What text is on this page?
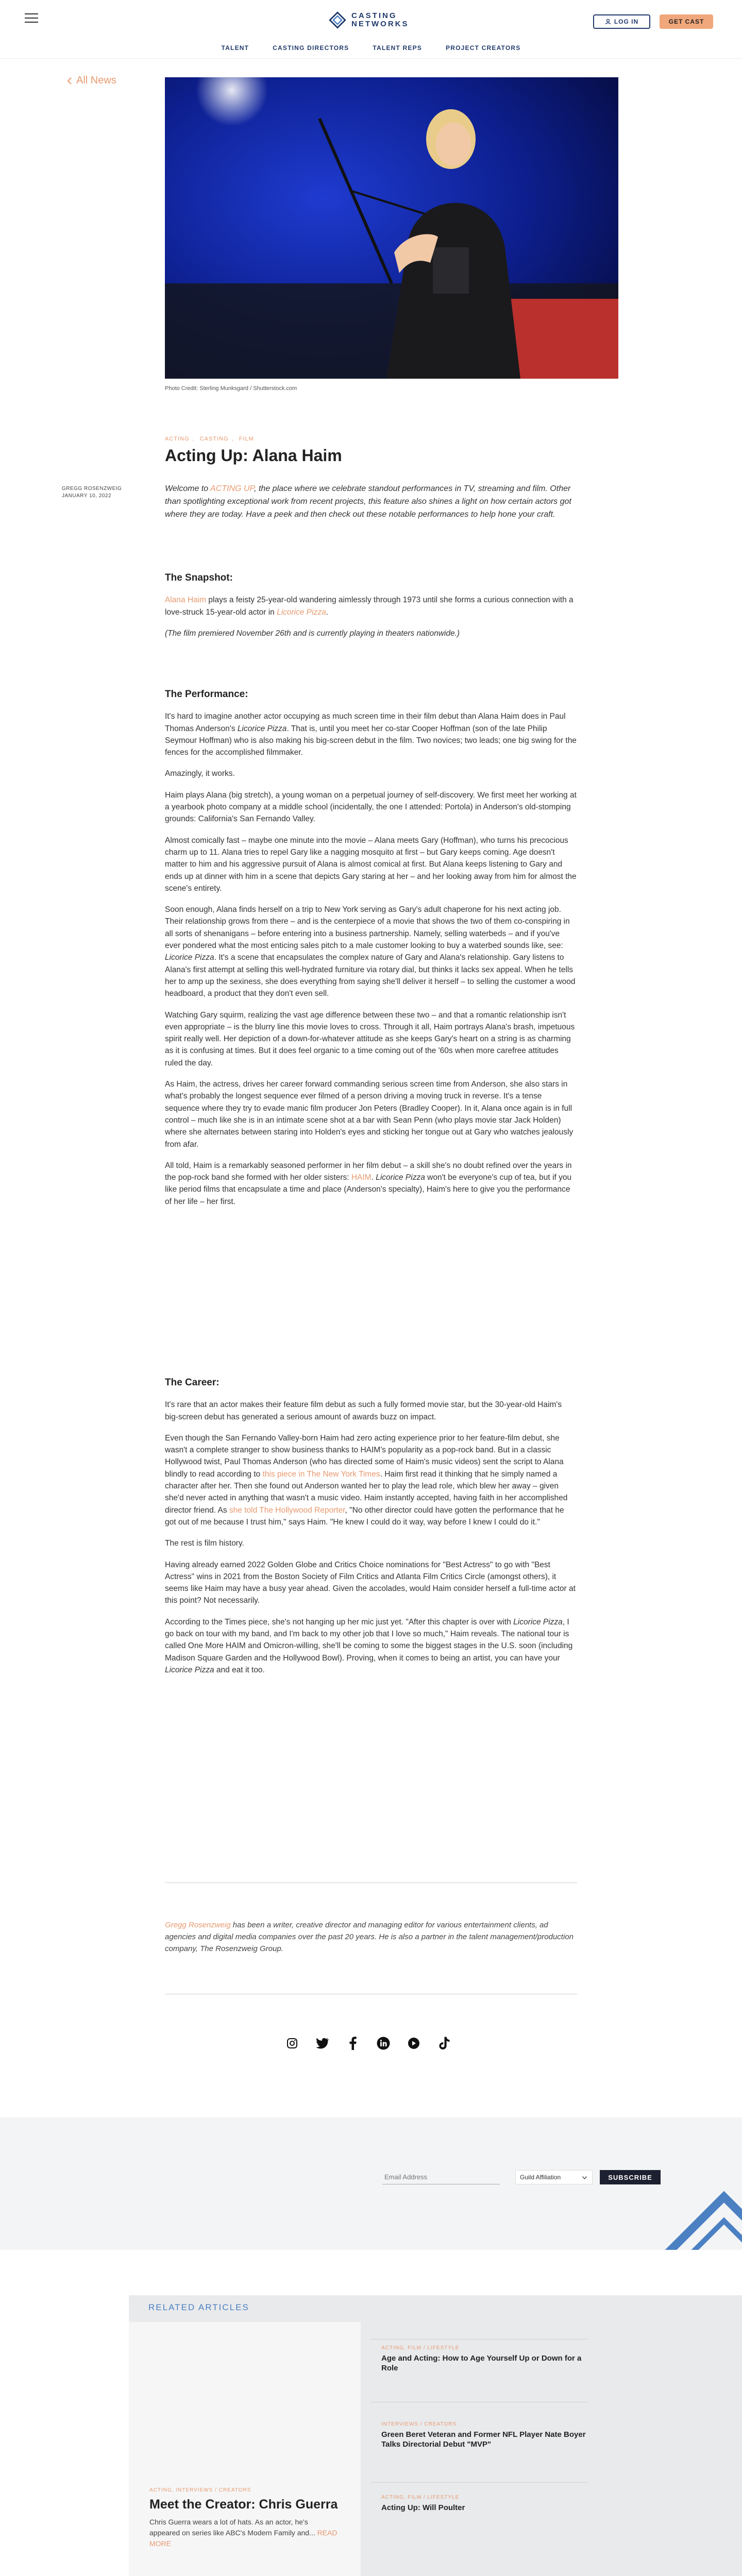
CASTING
NETWORKS	LOG IN	GET CAST
TALENT	CASTING DIRECTORS	TALENT REPS	PROJECT CREATORS
All News
Photo Credit: Sterling Munksgard / Shutterstock.com
ACTING , CASTING , FILM
Acting Up: Alana Haim
GREGG ROSENZWEIG
JANUARY 10, 2022

Welcome to ACTING UP, the place where we celebrate standout performances in TV, streaming and film. Other than spotlighting exceptional work from recent projects, this feature also shines a light on how certain actors got where they are today. Have a peek and then check out these notable performances to help hone your craft.

The Snapshot:

Alana Haim plays a feisty 25-year-old wandering aimlessly through 1973 until she forms a curious connection with a love-struck 15-year-old actor in Licorice Pizza.

(The film premiered November 26th and is currently playing in theaters nationwide.)

The Performance:

It's hard to imagine another actor occupying as much screen time in their film debut than Alana Haim does in Paul Thomas Anderson's Licorice Pizza. That is, until you meet her co-star Cooper Hoffman (son of the late Philip Seymour Hoffman) who is also making his big-screen debut in the film. Two novices; two leads; one big swing for the fences for the accomplished filmmaker.

Amazingly, it works.

Haim plays Alana (big stretch), a young woman on a perpetual journey of self-discovery. We first meet her working at a yearbook photo company at a middle school (incidentally, the one I attended: Portola) in Anderson's old-stomping grounds: California's San Fernando Valley.

Almost comically fast – maybe one minute into the movie – Alana meets Gary (Hoffman), who turns his precocious charm up to 11. Alana tries to repel Gary like a nagging mosquito at first – but Gary keeps coming. Age doesn't matter to him and his aggressive pursuit of Alana is almost comical at first. But Alana keeps listening to Gary and ends up at dinner with him in a scene that depicts Gary staring at her – and her looking away from him for almost the scene's entirety.

Soon enough, Alana finds herself on a trip to New York serving as Gary's adult chaperone for his next acting job. Their relationship grows from there – and is the centerpiece of a movie that shows the two of them co-conspiring in all sorts of shenanigans – before entering into a business partnership. Namely, selling waterbeds – and if you've ever pondered what the most enticing sales pitch to a male customer looking to buy a waterbed sounds like, see: Licorice Pizza. It's a scene that encapsulates the complex nature of Gary and Alana's relationship. Gary listens to Alana's first attempt at selling this well-hydrated furniture via rotary dial, but thinks it lacks sex appeal. When he tells her to amp up the sexiness, she does everything from saying she'll deliver it herself – to selling the customer a wood headboard, a product that they don't even sell.

Watching Gary squirm, realizing the vast age difference between these two – and that a romantic relationship isn't even appropriate – is the blurry line this movie loves to cross. Through it all, Haim portrays Alana's brash, impetuous spirit really well. Her depiction of a down-for-whatever attitude as she keeps Gary's heart on a string is as charming as it is confusing at times. But it does feel organic to a time coming out of the '60s when more carefree attitudes ruled the day.

As Haim, the actress, drives her career forward commanding serious screen time from Anderson, she also stars in what's probably the longest sequence ever filmed of a person driving a moving truck in reverse. It's a tense sequence where they try to evade manic film producer Jon Peters (Bradley Cooper). In it, Alana once again is in full control – much like she is in an intimate scene shot at a bar with Sean Penn (who plays movie star Jack Holden) where she alternates between staring into Holden's eyes and sticking her tongue out at Gary who watches jealously from afar.

All told, Haim is a remarkably seasoned performer in her film debut – a skill she's no doubt refined over the years in the pop-rock band she formed with her older sisters: HAIM. Licorice Pizza won't be everyone's cup of tea, but if you like period films that encapsulate a time and place (Anderson's specialty), Haim's here to give you the performance of her life – her first.

The Career:

It's rare that an actor makes their feature film debut as such a fully formed movie star, but the 30-year-old Haim's big-screen debut has generated a serious amount of awards buzz on impact.

Even though the San Fernando Valley-born Haim had zero acting experience prior to her feature-film debut, she wasn't a complete stranger to show business thanks to HAIM's popularity as a pop-rock band. But in a classic Hollywood twist, Paul Thomas Anderson (who has directed some of Haim's music videos) sent the script to Alana blindly to read according to this piece in The New York Times. Haim first read it thinking that he simply named a character after her. Then she found out Anderson wanted her to play the lead role, which blew her away – given she'd never acted in anything that wasn't a music video. Haim instantly accepted, having faith in her accomplished director friend. As she told The Hollywood Reporter, "No other director could have gotten the performance that he got out of me because I trust him," says Haim. "He knew I could do it way, way before I knew I could do it."

The rest is film history.

Having already earned 2022 Golden Globe and Critics Choice nominations for "Best Actress" to go with "Best Actress" wins in 2021 from the Boston Society of Film Critics and Atlanta Film Critics Circle (amongst others), it seems like Haim may have a busy year ahead. Given the accolades, would Haim consider herself a full-time actor at this point? Not necessarily.

According to the Times piece, she's not hanging up her mic just yet. "After this chapter is over with Licorice Pizza, I go back on tour with my band, and I'm back to my other job that I love so much," Haim reveals. The national tour is called One More HAIM and Omicron-willing, she'll be coming to some the biggest stages in the U.S. soon (including Madison Square Garden and the Hollywood Bowl). Proving, when it comes to being an artist, you can have your Licorice Pizza and eat it too.

Gregg Rosenzweig has been a writer, creative director and managing editor for various entertainment clients, ad agencies and digital media companies over the past 20 years. He is also a partner in the talent management/production company, The Rosenzweig Group.

Email Address
Guild Affiliation	SUBSCRIBE
RELATED ARTICLES
ACTING, INTERVIEWS / CREATORS
Meet the Creator: Chris Guerra
Chris Guerra wears a lot of hats. As an actor, he's appeared on series like ABC's Modern Family and... READ MORE
ACTING, FILM / LIFESTYLE
Age and Acting: How to Age Yourself Up or Down for a Role
INTERVIEWS / CREATORS
Green Beret Veteran and Former NFL Player Nate Boyer Talks Directorial Debut "MVP"
ACTING, FILM / LIFESTYLE
Acting Up: Will Poulter
